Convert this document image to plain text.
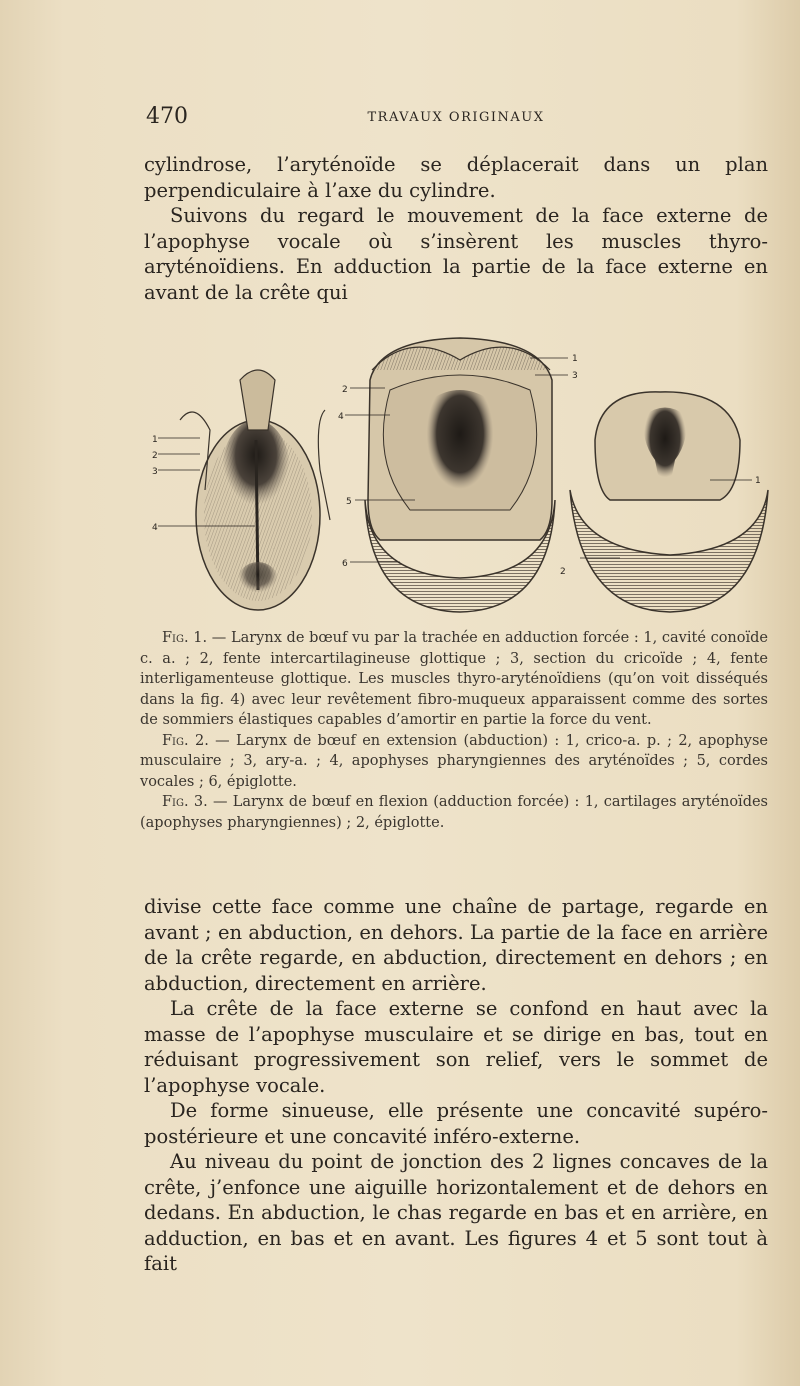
470	TRAVAUX ORIGINAUX

cylindrose, l’aryténoïde se déplacerait dans un plan perpendiculaire à l’axe du cylindre.

Suivons du regard le mouvement de la face externe de l’apophyse vocale où s’insèrent les muscles thyro-aryténoïdiens. En adduction la partie de la face externe en avant de la crête qui

1
2
3
4
1
2
3
4
5
6
1
2

Fig. 1. — Larynx de bœuf vu par la trachée en adduction forcée : 1, cavité conoïde c. a. ; 2, fente intercartilagineuse glottique ; 3, section du cricoïde ; 4, fente interligamenteuse glottique. Les muscles thyro-aryténoïdiens (qu’on voit disséqués dans la fig. 4) avec leur revêtement fibro-muqueux apparaissent comme des sortes de sommiers élastiques capables d’amortir en partie la force du vent.

Fig. 2. — Larynx de bœuf en extension (abduction) : 1, crico-a. p. ; 2, apophyse musculaire ; 3, ary-a. ; 4, apophyses pharyngiennes des aryténoïdes ; 5, cordes vocales ; 6, épiglotte.

Fig. 3. — Larynx de bœuf en flexion (adduction forcée) : 1, cartilages aryténoïdes (apophyses pharyngiennes) ; 2, épiglotte.

divise cette face comme une chaîne de partage, regarde en avant ; en abduction, en dehors. La partie de la face en arrière de la crête regarde, en abduction, directement en dehors ; en abduction, directement en arrière.

La crête de la face externe se confond en haut avec la masse de l’apophyse musculaire et se dirige en bas, tout en réduisant progressivement son relief, vers le sommet de l’apophyse vocale.

De forme sinueuse, elle présente une concavité supéro-postérieure et une concavité inféro-externe.

Au niveau du point de jonction des 2 lignes concaves de la crête, j’enfonce une aiguille horizontalement et de dehors en dedans. En abduction, le chas regarde en bas et en arrière, en adduction, en bas et en avant. Les figures 4 et 5 sont tout à fait
